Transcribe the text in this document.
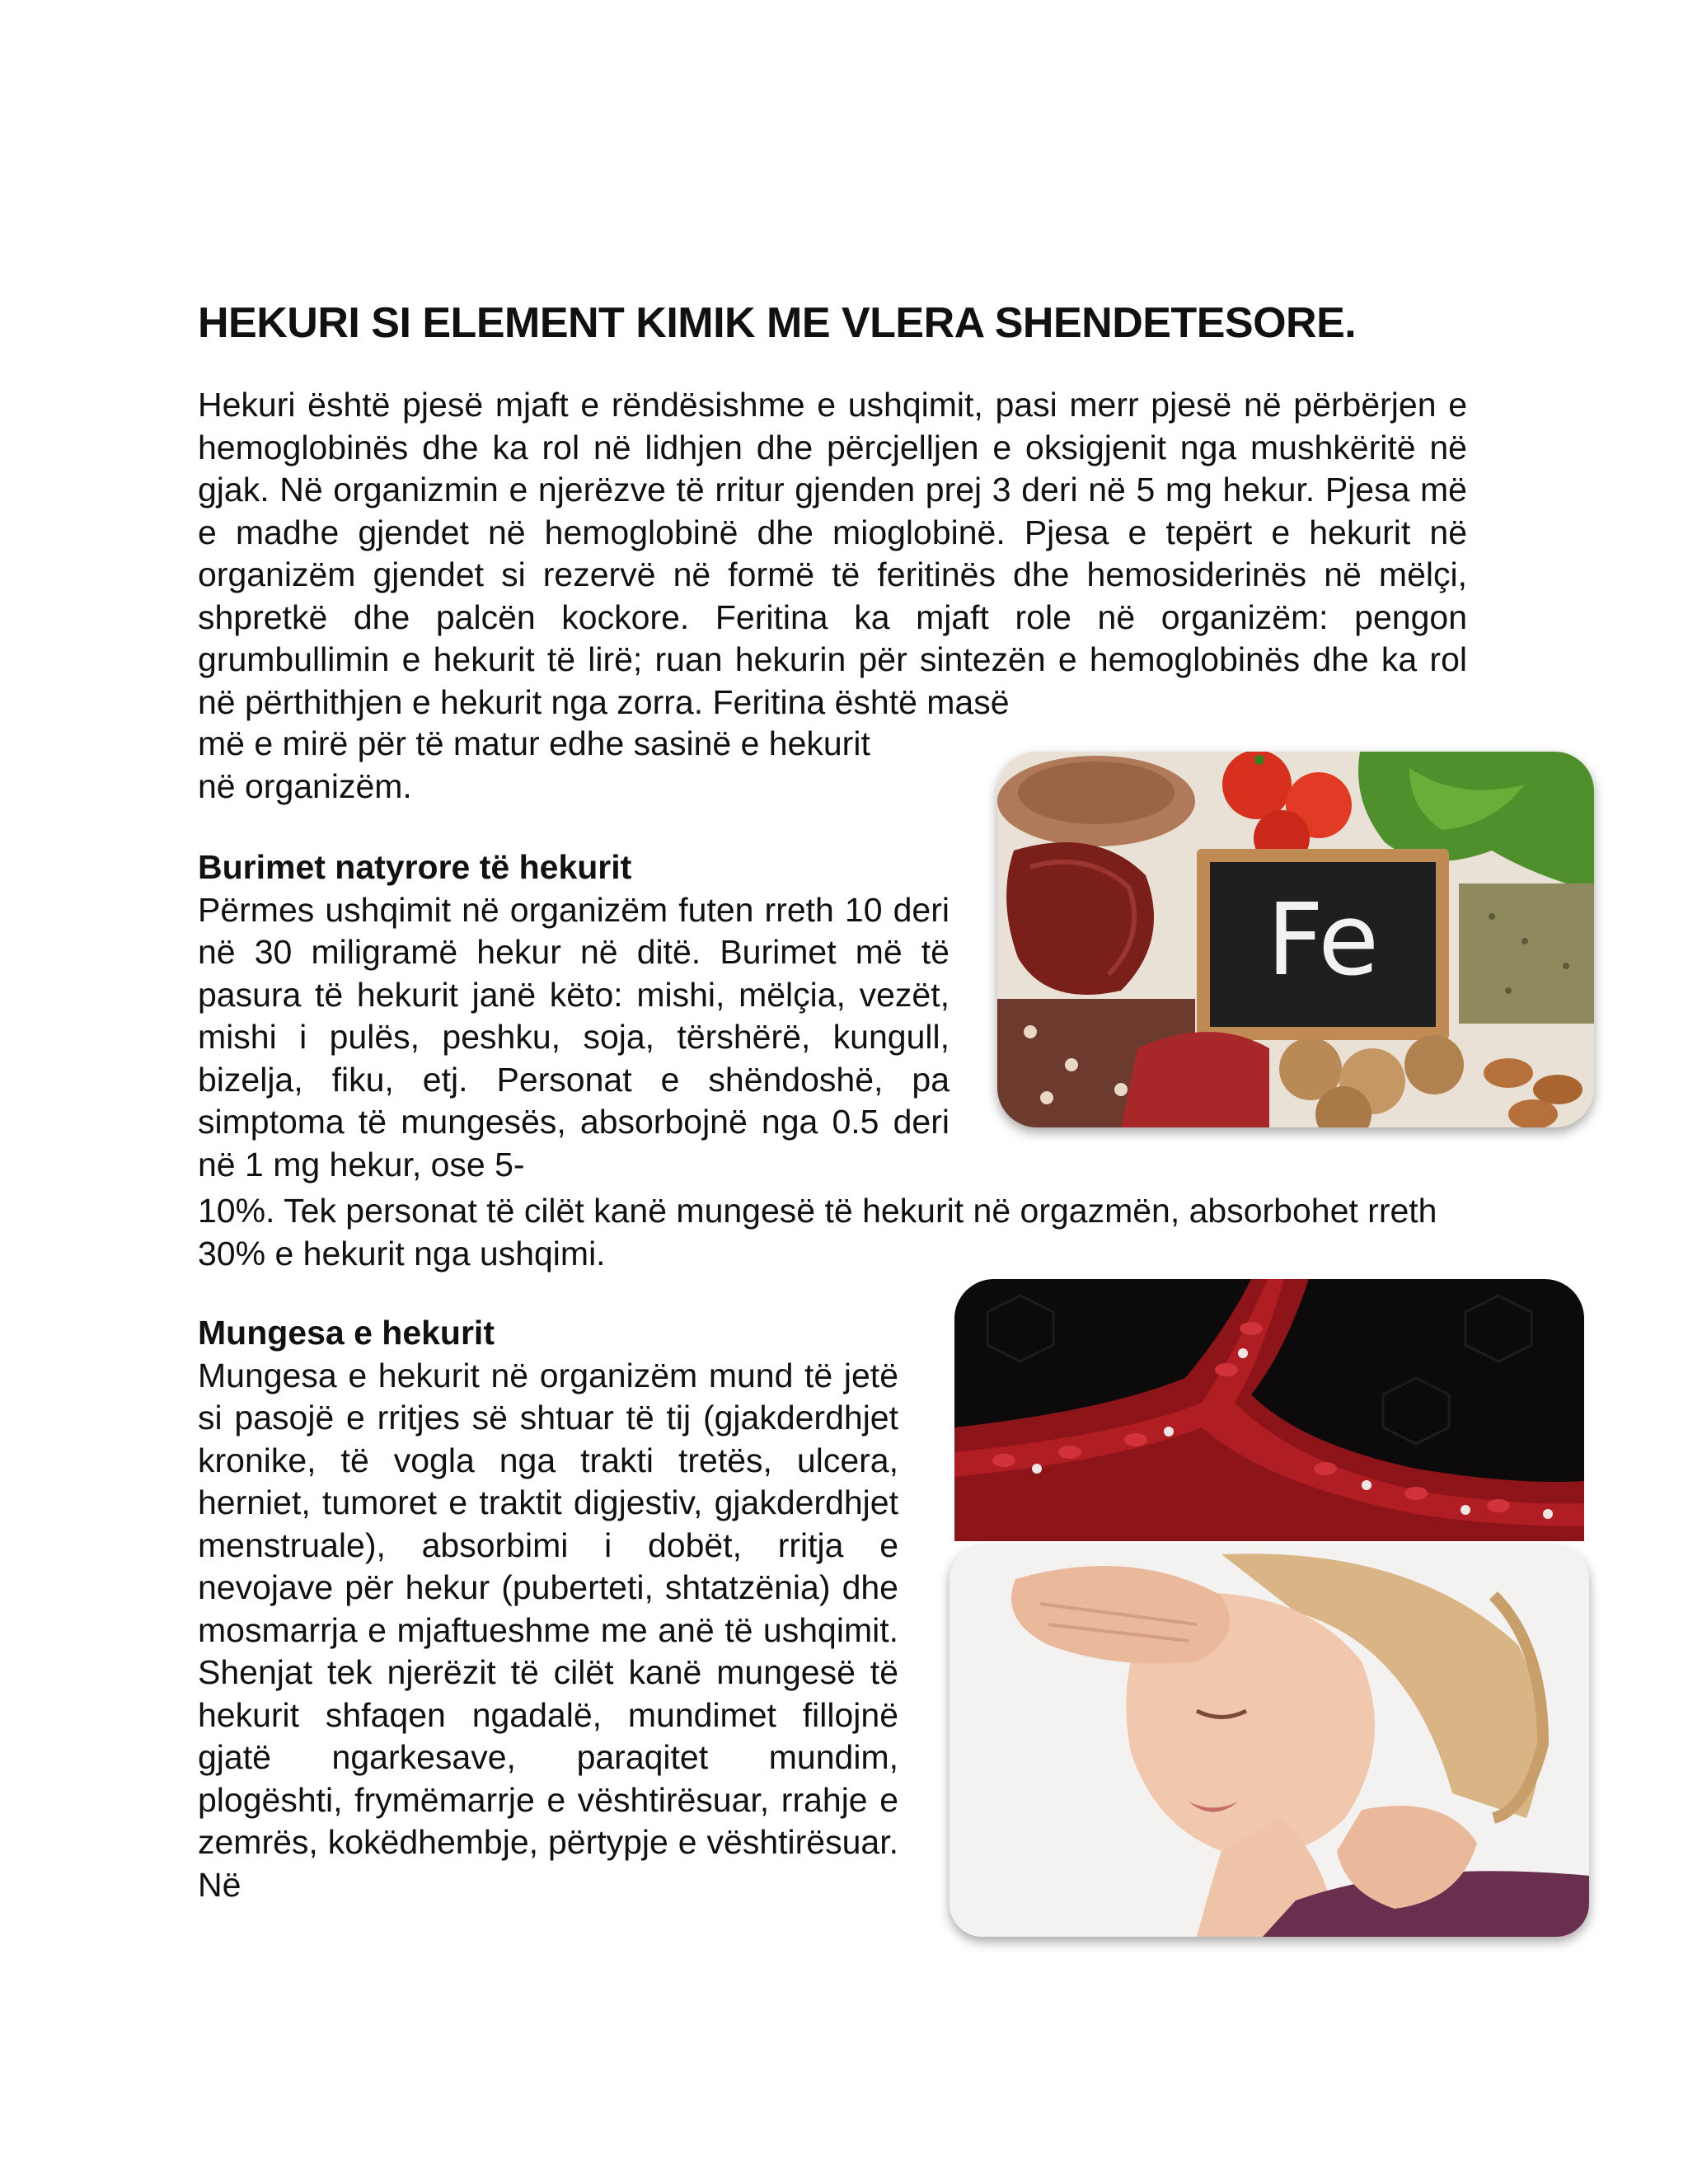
HEKURI SI ELEMENT KIMIK ME VLERA SHENDETESORE.

Hekuri është pjesë mjaft e rëndësishme e ushqimit, pasi merr pjesë në përbërjen e hemoglobinës dhe ka rol në lidhjen dhe përcjelljen e oksigjenit nga mushkëritë në gjak. Në organizmin e njerëzve të rritur gjenden prej 3 deri në 5 mg hekur. Pjesa më e madhe gjendet në hemoglobinë dhe mioglobinë. Pjesa e tepërt e hekurit në organizëm gjendet si rezervë në formë të feritinës dhe hemosiderinës në mëlçi, shpretkë dhe palcën kockore. Feritina ka mjaft role në organizëm: pengon grumbullimin e hekurit të lirë; ruan hekurin për sintezën e hemoglobinës dhe ka rol në përthithjen e hekurit nga zorra. Feritina është masë

më e mirë për të matur edhe sasinë e hekurit

në organizëm.

Burimet natyrore të hekurit

Përmes ushqimit në organizëm futen rreth 10 deri në 30 miligramë hekur në ditë. Burimet më të pasura të hekurit janë këto: mishi, mëlçia, vezët, mishi i pulës, peshku, soja, tërshërë, kungull, bizelja, fiku, etj. Personat e shëndoshë, pa simptoma të mungesës, absorbojnë nga 0.5 deri në 1 mg hekur, ose 5-

10%. Tek personat të cilët kanë mungesë të hekurit në orgazmën, absorbohet rreth 30% e hekurit nga ushqimi.

Mungesa e hekurit

Mungesa e hekurit në organizëm mund të jetë si pasojë e rritjes së shtuar të tij (gjakderdhjet kronike, të vogla nga trakti tretës, ulcera, herniet, tumoret e traktit digjestiv, gjakderdhjet menstruale), absorbimi i dobët, rritja e nevojave për hekur (puberteti, shtatzënia) dhe mosmarrja e mjaftueshme me anë të ushqimit. Shenjat tek njerëzit të cilët kanë mungesë të hekurit shfaqen ngadalë, mundimet fillojnë gjatë ngarkesave, paraqitet mundim, plogështi, frymëmarrje e vështirësuar, rrahje e zemrës, kokëdhembje, përtypje e vështirësuar. Në

Fe
